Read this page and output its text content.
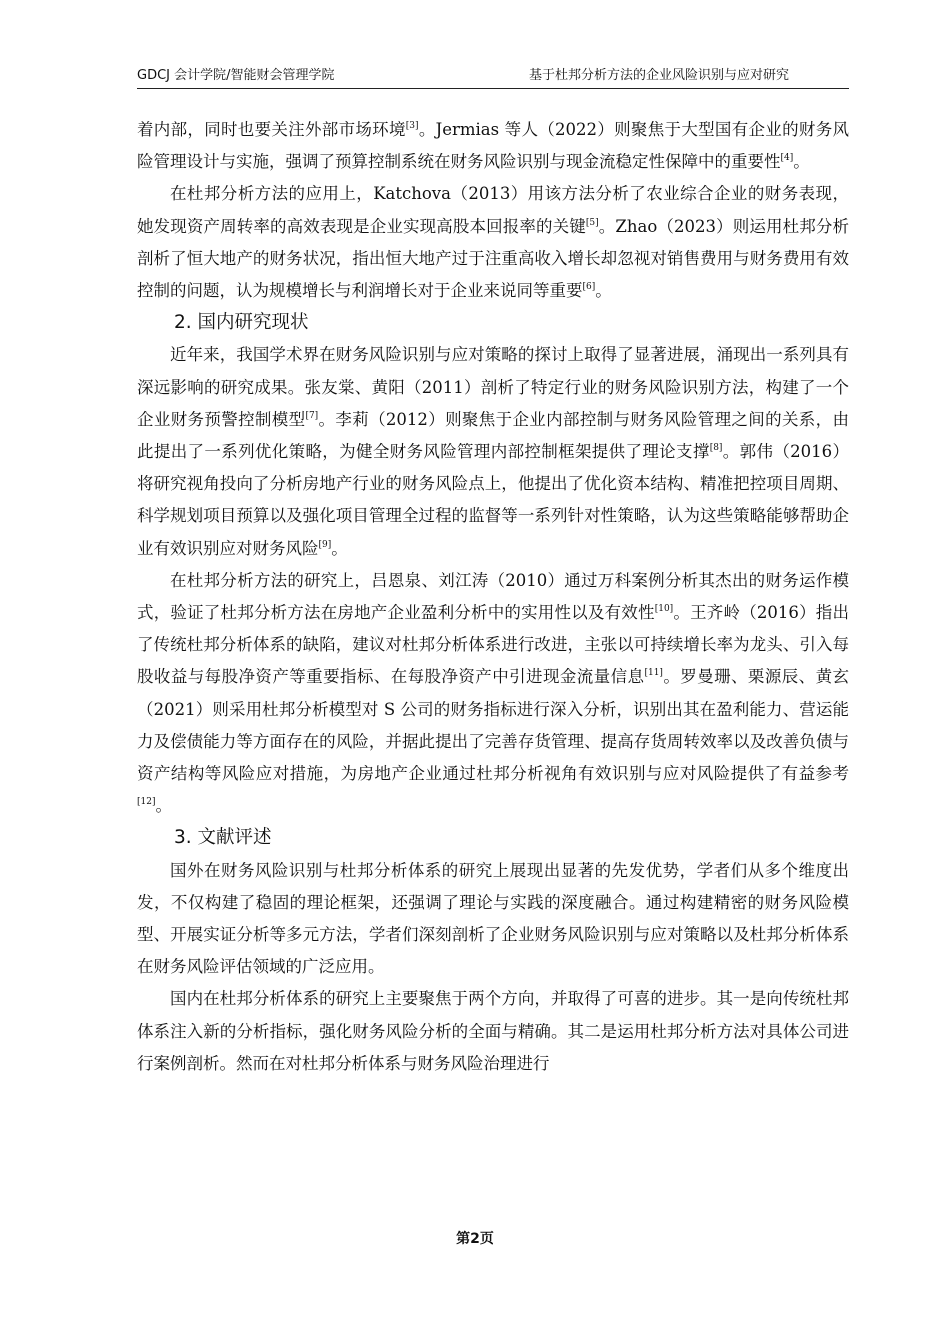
GDCJ 会计学院/智能财会管理学院	基于杜邦分析方法的企业风险识别与应对研究

着内部，同时也要关注外部市场环境[3]。Jermias 等人（2022）则聚焦于大型国有企业的财务风险管理设计与实施，强调了预算控制系统在财务风险识别与现金流稳定性保障中的重要性[4]。

在杜邦分析方法的应用上，Katchova（2013）用该方法分析了农业综合企业的财务表现，她发现资产周转率的高效表现是企业实现高股本回报率的关键[5]。Zhao（2023）则运用杜邦分析剖析了恒大地产的财务状况，指出恒大地产过于注重高收入增长却忽视对销售费用与财务费用有效控制的问题，认为规模增长与利润增长对于企业来说同等重要[6]。

2. 国内研究现状

近年来，我国学术界在财务风险识别与应对策略的探讨上取得了显著进展，涌现出一系列具有深远影响的研究成果。张友棠、黄阳（2011）剖析了特定行业的财务风险识别方法，构建了一个企业财务预警控制模型[7]。李莉（2012）则聚焦于企业内部控制与财务风险管理之间的关系，由此提出了一系列优化策略，为健全财务风险管理内部控制框架提供了理论支撑[8]。郭伟（2016）将研究视角投向了分析房地产行业的财务风险点上，他提出了优化资本结构、精准把控项目周期、科学规划项目预算以及强化项目管理全过程的监督等一系列针对性策略，认为这些策略能够帮助企业有效识别应对财务风险[9]。

在杜邦分析方法的研究上，吕恩泉、刘江涛（2010）通过万科案例分析其杰出的财务运作模式，验证了杜邦分析方法在房地产企业盈利分析中的实用性以及有效性[10]。王齐岭（2016）指出了传统杜邦分析体系的缺陷，建议对杜邦分析体系进行改进，主张以可持续增长率为龙头、引入每股收益与每股净资产等重要指标、在每股净资产中引进现金流量信息[11]。罗曼珊、栗源辰、黄玄（2021）则采用杜邦分析模型对 S 公司的财务指标进行深入分析，识别出其在盈利能力、营运能力及偿债能力等方面存在的风险，并据此提出了完善存货管理、提高存货周转效率以及改善负债与资产结构等风险应对措施，为房地产企业通过杜邦分析视角有效识别与应对风险提供了有益参考[12]。

3. 文献评述

国外在财务风险识别与杜邦分析体系的研究上展现出显著的先发优势，学者们从多个维度出发，不仅构建了稳固的理论框架，还强调了理论与实践的深度融合。通过构建精密的财务风险模型、开展实证分析等多元方法，学者们深刻剖析了企业财务风险识别与应对策略以及杜邦分析体系在财务风险评估领域的广泛应用。

国内在杜邦分析体系的研究上主要聚焦于两个方向，并取得了可喜的进步。其一是向传统杜邦体系注入新的分析指标，强化财务风险分析的全面与精确。其二是运用杜邦分析方法对具体公司进行案例剖析。然而在对杜邦分析体系与财务风险治理进行

第2页
